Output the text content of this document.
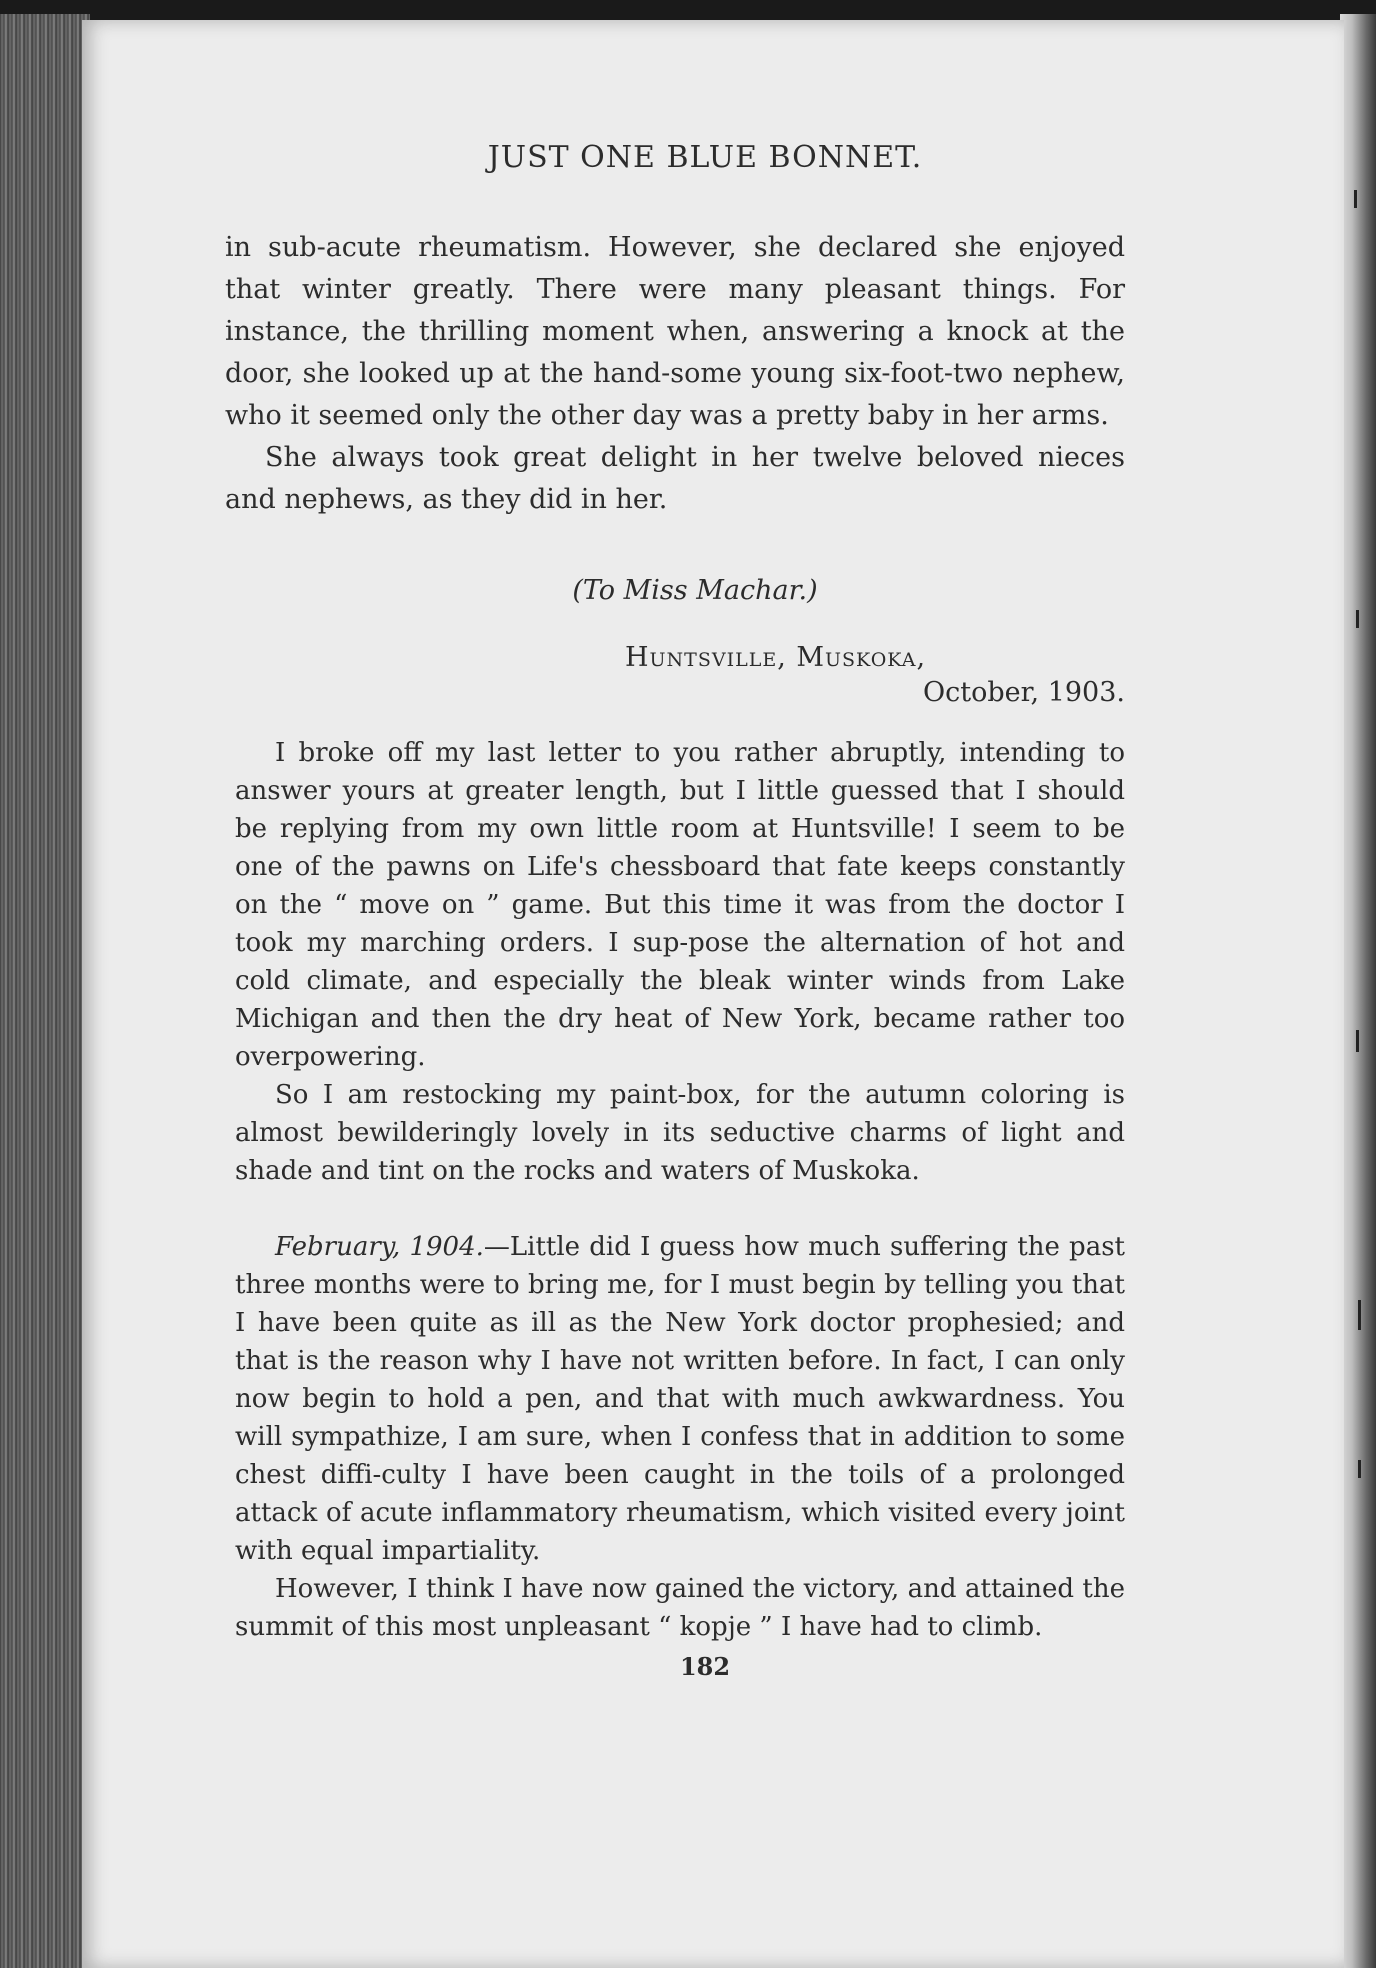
JUST ONE BLUE BONNET.

in sub-acute rheumatism. However, she declared she enjoyed that winter greatly. There were many pleasant things. For instance, the thrilling moment when, answering a knock at the door, she looked up at the hand-some young six-foot-two nephew, who it seemed only the other day was a pretty baby in her arms.

She always took great delight in her twelve beloved nieces and nephews, as they did in her.

(To Miss Machar.)
Huntsville, Muskoka,
October, 1903.

I broke off my last letter to you rather abruptly, intending to answer yours at greater length, but I little guessed that I should be replying from my own little room at Huntsville! I seem to be one of the pawns on Life's chessboard that fate keeps constantly on the “ move on ” game. But this time it was from the doctor I took my marching orders. I sup-pose the alternation of hot and cold climate, and especially the bleak winter winds from Lake Michigan and then the dry heat of New York, became rather too overpowering.

So I am restocking my paint-box, for the autumn coloring is almost bewilderingly lovely in its seductive charms of light and shade and tint on the rocks and waters of Muskoka.

February, 1904.—Little did I guess how much suffering the past three months were to bring me, for I must begin by telling you that I have been quite as ill as the New York doctor prophesied; and that is the reason why I have not written before. In fact, I can only now begin to hold a pen, and that with much awkwardness. You will sympathize, I am sure, when I confess that in addition to some chest diffi-culty I have been caught in the toils of a prolonged attack of acute inflammatory rheumatism, which visited every joint with equal impartiality.

However, I think I have now gained the victory, and attained the summit of this most unpleasant “ kopje ” I have had to climb.

182
